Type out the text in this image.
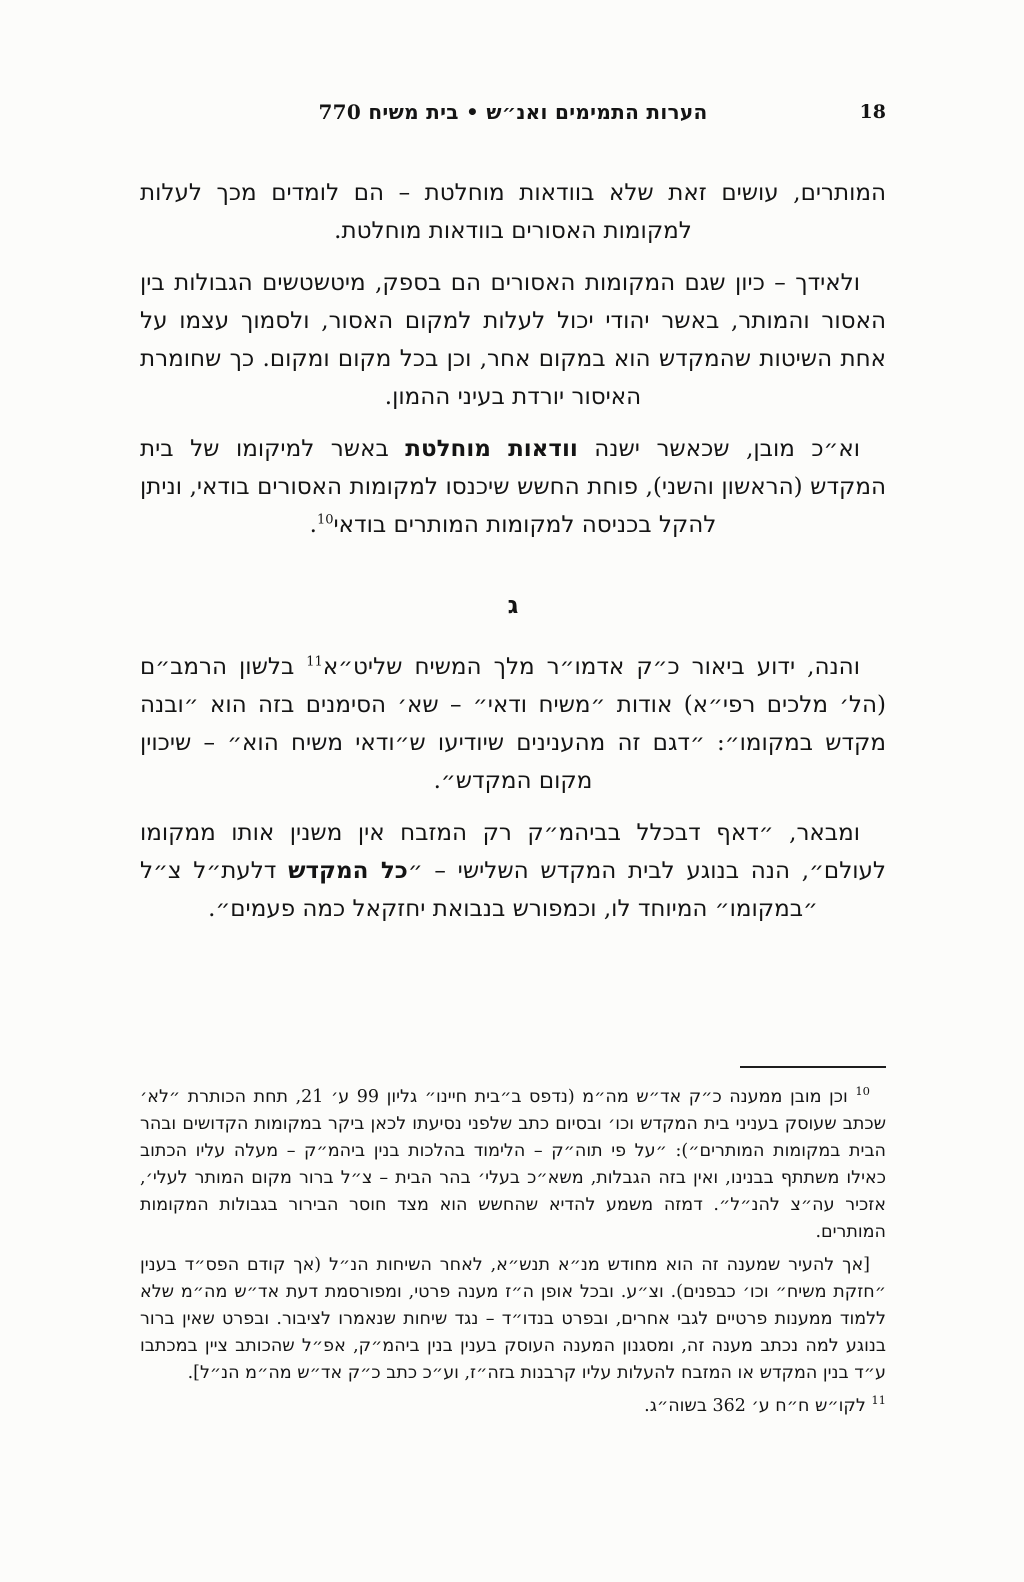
הערות התמימים ואנ״ש • בית משיח 770	18

המותרים, עושים זאת שלא בוודאות מוחלטת – הם לומדים מכך לעלות למקומות האסורים בוודאות מוחלטת.

ולאידך – כיון שגם המקומות האסורים הם בספק, מיטשטשים הגבולות בין האסור והמותר, באשר יהודי יכול לעלות למקום האסור, ולסמוך עצמו על אחת השיטות שהמקדש הוא במקום אחר, וכן בכל מקום ומקום. כך שחומרת האיסור יורדת בעיני ההמון.

וא״כ מובן, שכאשר ישנה וודאות מוחלטת באשר למיקומו של בית המקדש (הראשון והשני), פוחת החשש שיכנסו למקומות האסורים בודאי, וניתן להקל בכניסה למקומות המותרים בודאי$^{10}$.

ג

והנה, ידוע ביאור כ״ק אדמו״ר מלך המשיח שליט״א$^{11}$ בלשון הרמב״ם (הל׳ מלכים רפי״א) אודות ״משיח ודאי״ – שא׳ הסימנים בזה הוא ״ובנה מקדש במקומו״: ״דגם זה מהענינים שיודיעו ש״ודאי משיח הוא״ – שיכוין מקום המקדש״.

ומבאר, ״דאף דבכלל בביהמ״ק רק המזבח אין משנין אותו ממקומו לעולם״, הנה בנוגע לבית המקדש השלישי – ״כל המקדש דלעת״ל צ״ל ״במקומו״ המיוחד לו, וכמפורש בנבואת יחזקאל כמה פעמים״.

$^{10}$ וכן מובן ממענה כ״ק אד״ש מה״מ (נדפס ב״בית חיינו״ גליון 99 ע׳ 21, תחת הכותרת ״לא׳ שכתב שעוסק בעניני בית המקדש וכו׳ ובסיום כתב שלפני נסיעתו לכאן ביקר במקומות הקדושים ובהר הבית במקומות המותרים״): ״על פי תוה״ק – הלימוד בהלכות בנין ביהמ״ק – מעלה עליו הכתוב כאילו משתתף בבנינו, ואין בזה הגבלות, משא״כ בעלי׳ בהר הבית – צ״ל ברור מקום המותר לעלי׳, אזכיר עה״צ להנ״ל״. דמזה משמע להדיא שהחשש הוא מצד חוסר הבירור בגבולות המקומות המותרים.

[אך להעיר שמענה זה הוא מחודש מנ״א תנש״א, לאחר השיחות הנ״ל (אך קודם הפס״ד בענין ״חזקת משיח״ וכו׳ כבפנים). וצ״ע. ובכל אופן ה״ז מענה פרטי, ומפורסמת דעת אד״ש מה״מ שלא ללמוד ממענות פרטיים לגבי אחרים, ובפרט בנדו״ד – נגד שיחות שנאמרו לציבור. ובפרט שאין ברור בנוגע למה נכתב מענה זה, ומסגנון המענה העוסק בענין בנין ביהמ״ק, אפ״ל שהכותב ציין במכתבו ע״ד בנין המקדש או המזבח להעלות עליו קרבנות בזה״ז, וע״כ כתב כ״ק אד״ש מה״מ הנ״ל].

$^{11}$ לקו״ש ח״ח ע׳ 362 בשוה״ג.
